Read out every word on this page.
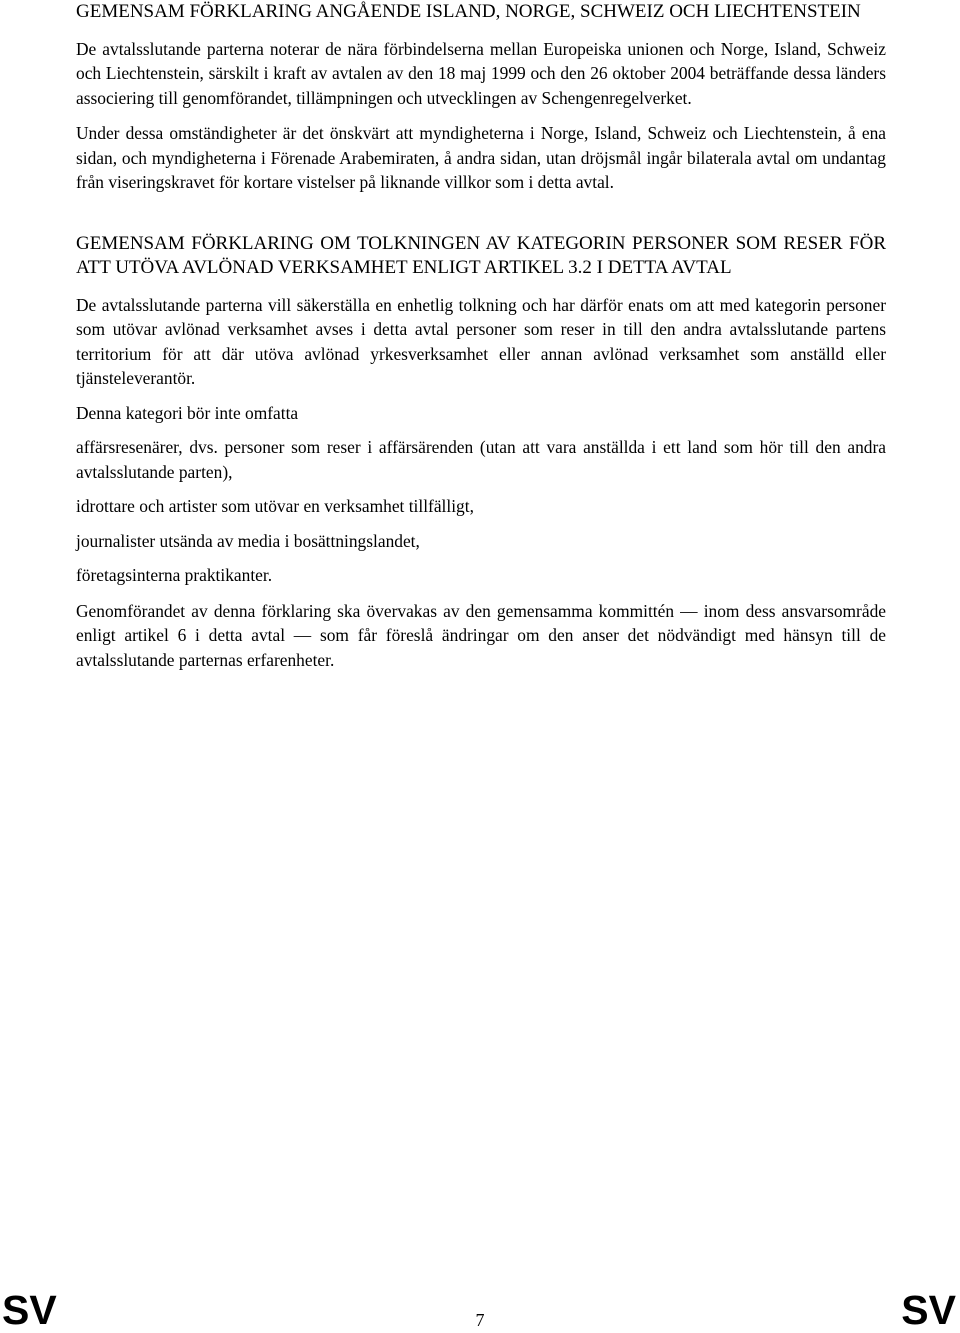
GEMENSAM FÖRKLARING ANGÅENDE ISLAND, NORGE, SCHWEIZ OCH LIECHTENSTEIN

De avtalsslutande parterna noterar de nära förbindelserna mellan Europeiska unionen och Norge, Island, Schweiz och Liechtenstein, särskilt i kraft av avtalen av den 18 maj 1999 och den 26 oktober 2004 beträffande dessa länders associering till genomförandet, tillämpningen och utvecklingen av Schengenregelverket.

Under dessa omständigheter är det önskvärt att myndigheterna i Norge, Island, Schweiz och Liechtenstein, å ena sidan, och myndigheterna i Förenade Arabemiraten, å andra sidan, utan dröjsmål ingår bilaterala avtal om undantag från viseringskravet för kortare vistelser på liknande villkor som i detta avtal.

GEMENSAM FÖRKLARING OM TOLKNINGEN AV KATEGORIN PERSONER SOM RESER FÖR ATT UTÖVA AVLÖNAD VERKSAMHET ENLIGT ARTIKEL 3.2 I DETTA AVTAL

De avtalsslutande parterna vill säkerställa en enhetlig tolkning och har därför enats om att med kategorin personer som utövar avlönad verksamhet avses i detta avtal personer som reser in till den andra avtalsslutande partens territorium för att där utöva avlönad yrkesverksamhet eller annan avlönad verksamhet som anställd eller tjänsteleverantör.

Denna kategori bör inte omfatta

affärsresenärer, dvs. personer som reser i affärsärenden (utan att vara anställda i ett land som hör till den andra avtalsslutande parten),

idrottare och artister som utövar en verksamhet tillfälligt,

journalister utsända av media i bosättningslandet,

företagsinterna praktikanter.

Genomförandet av denna förklaring ska övervakas av den gemensamma kommittén — inom dess ansvarsområde enligt artikel 6 i detta avtal — som får föreslå ändringar om den anser det nödvändigt med hänsyn till de avtalsslutande parternas erfarenheter.

SV	7	SV
